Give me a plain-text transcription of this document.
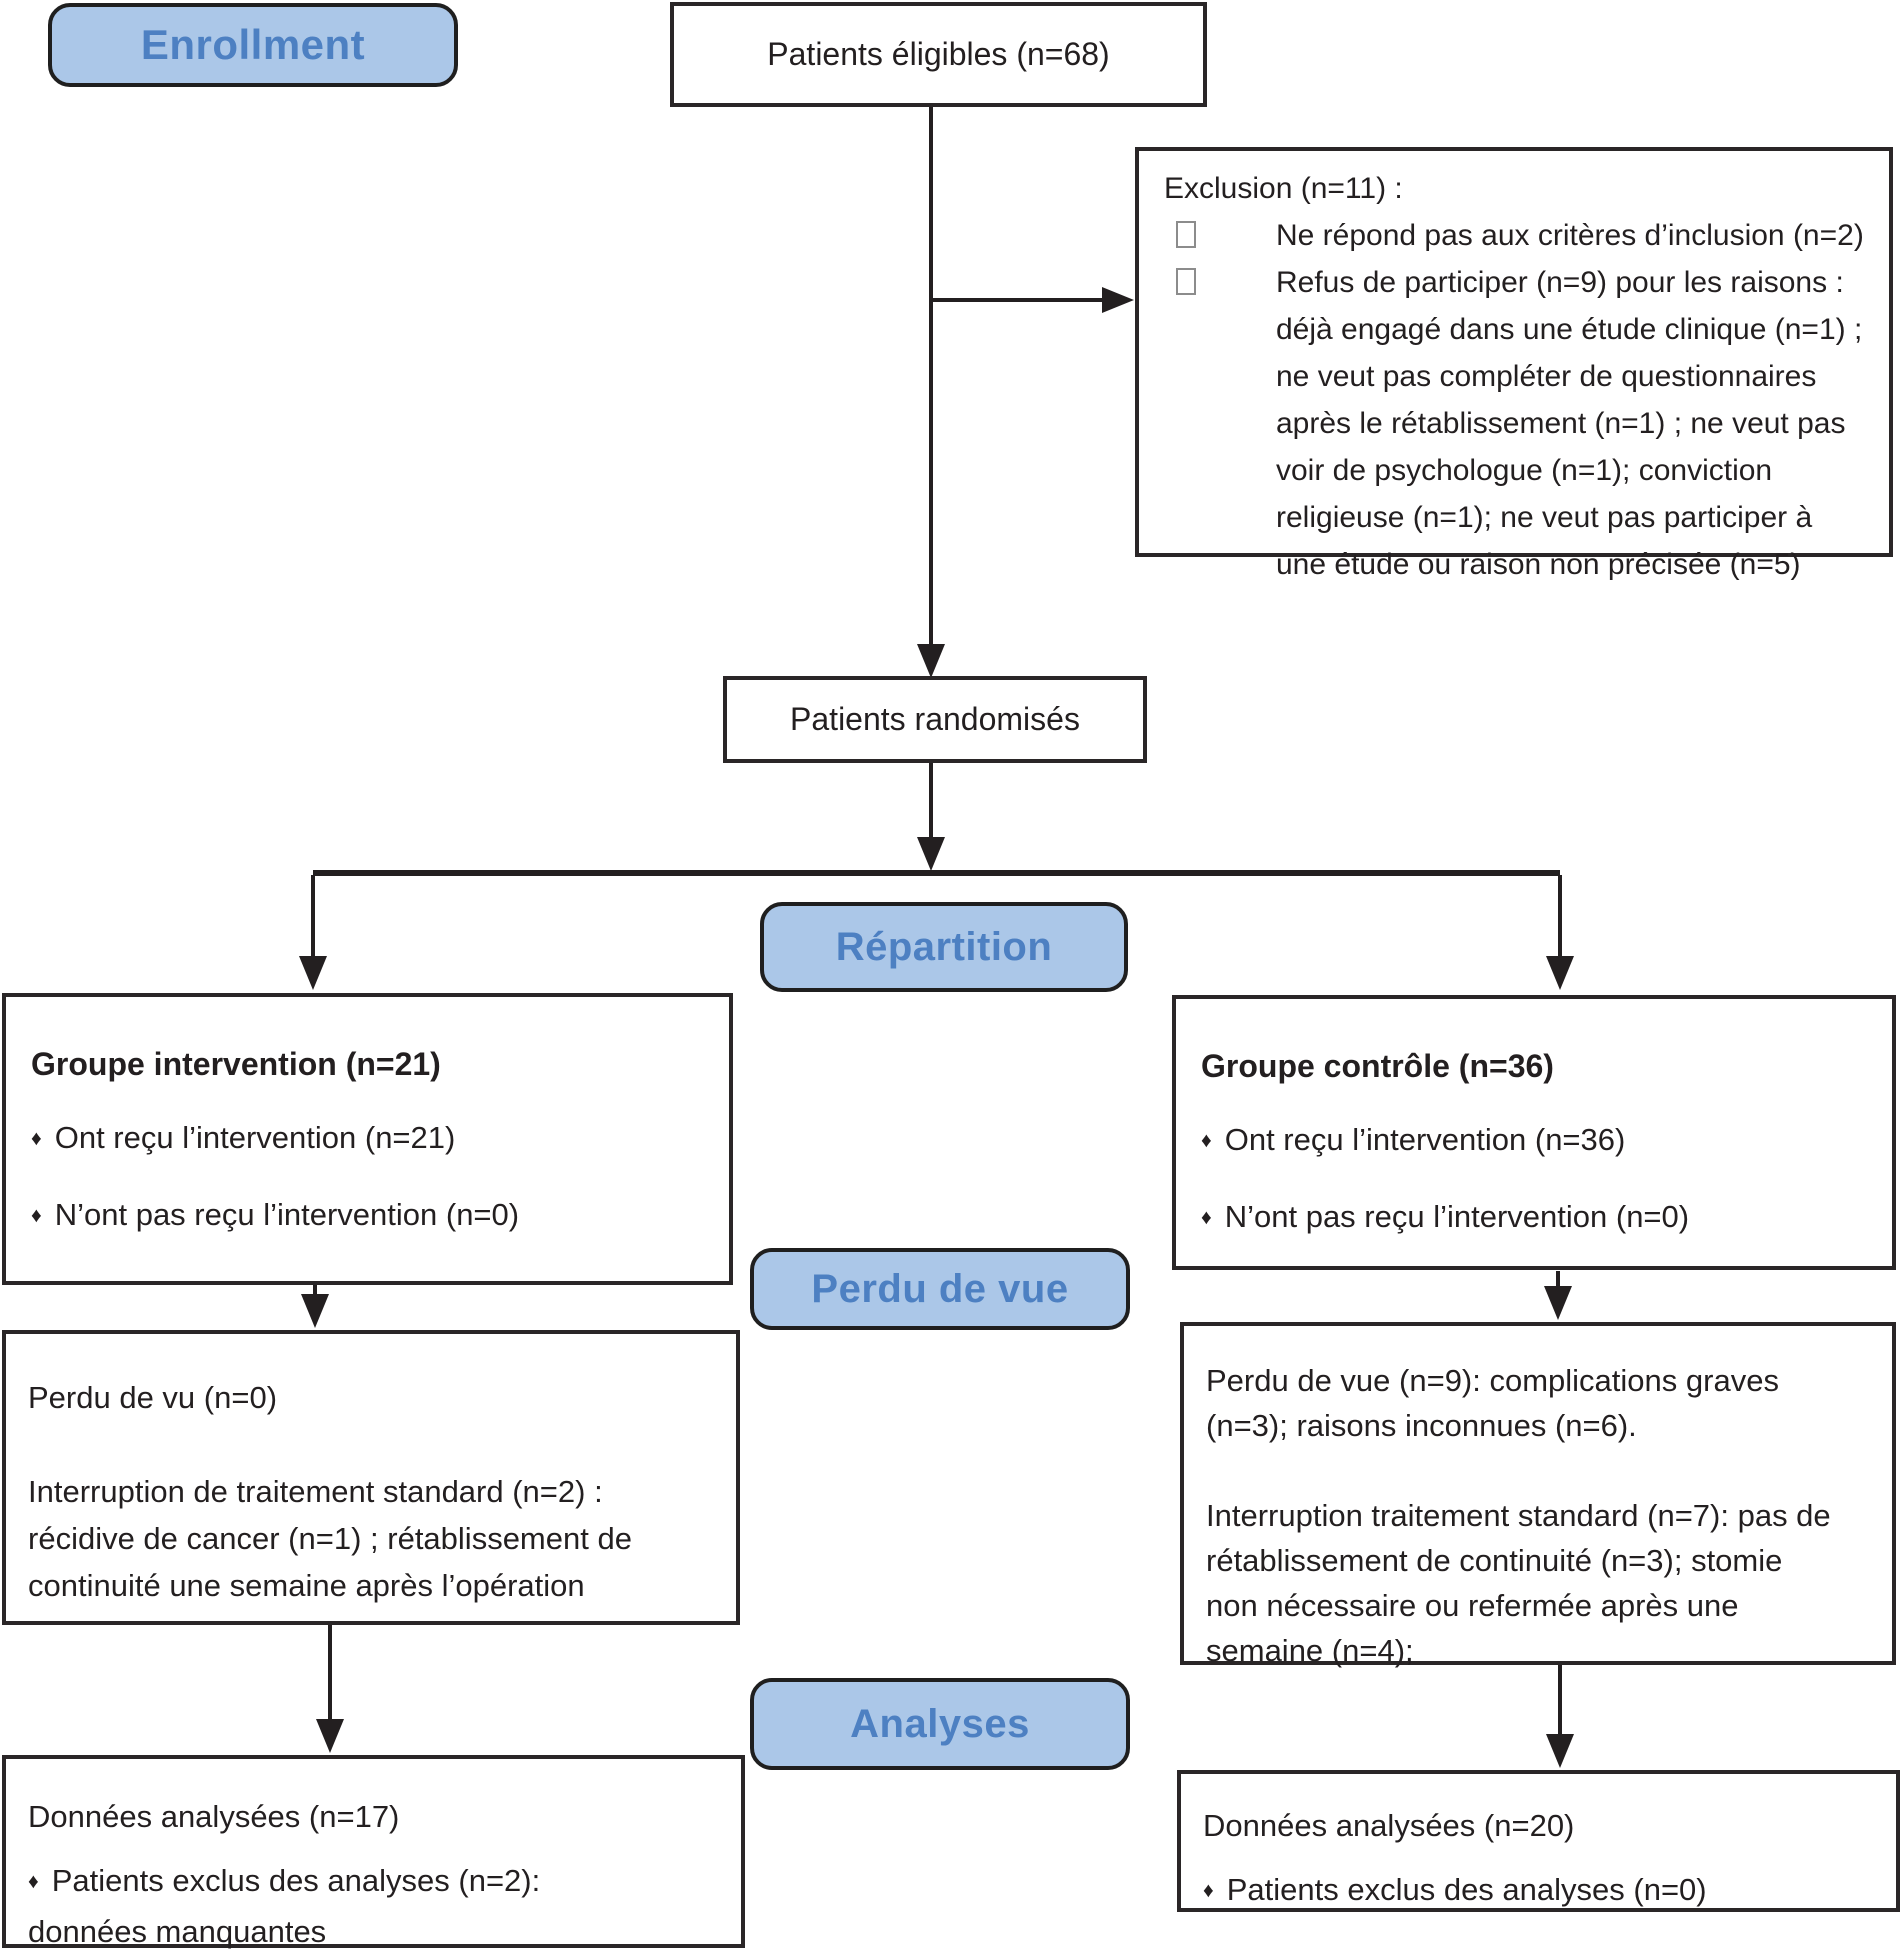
Enrollment
Répartition
Perdu de vue
Analyses
Patients éligibles (n=68)
Exclusion (n=11) :
Ne répond pas aux critères d’inclusion (n=2)
Refus de participer (n=9) pour les raisons : déjà engagé dans une étude clinique (n=1) ; ne veut pas compléter de questionnaires après le rétablissement (n=1) ; ne veut pas voir de psychologue (n=1); conviction religieuse (n=1); ne veut pas participer à une étude ou raison non précisée (n=5)
Patients randomisés

Groupe intervention (n=21)

♦ Ont reçu l’intervention (n=21)
♦ N’ont pas reçu l’intervention (n=0)

Groupe contrôle (n=36)

♦ Ont reçu l’intervention (n=36)
♦ N’ont pas reçu l’intervention (n=0)

Perdu de vu (n=0)

Interruption de traitement standard (n=2) : récidive de cancer (n=1) ; rétablissement de continuité une semaine après l’opération

Perdu de vue (n=9): complications graves (n=3); raisons inconnues (n=6).

Interruption traitement standard (n=7): pas de rétablissement de continuité (n=3); stomie non nécessaire ou refermée après une semaine (n=4);

Données analysées (n=17)

♦ Patients exclus des analyses (n=2): données manquantes

Données analysées (n=20)

♦ Patients exclus des analyses (n=0)
